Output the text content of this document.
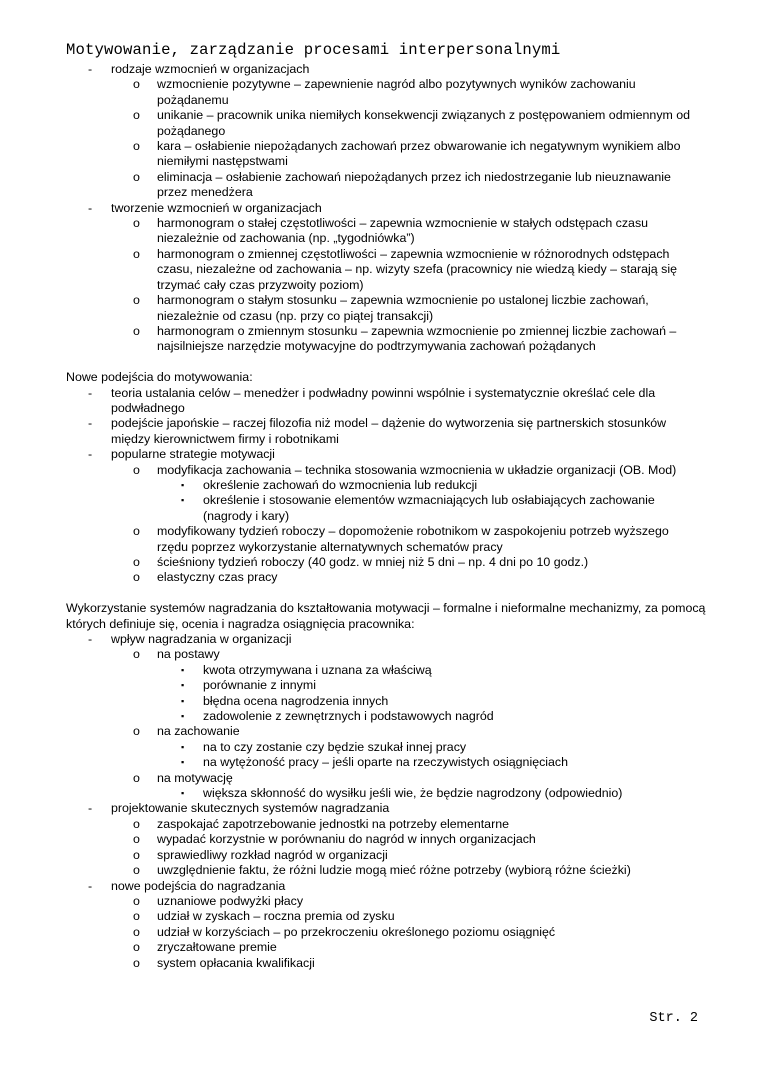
Motywowanie, zarządzanie procesami interpersonalnymi
- rodzaje wzmocnień w organizacjach
o wzmocnienie pozytywne – zapewnienie nagród albo pozytywnych wyników zachowaniu pożądanemu
o unikanie – pracownik unika niemiłych konsekwencji związanych z postępowaniem odmiennym od pożądanego
o kara – osłabienie niepożądanych zachowań przez obwarowanie ich negatywnym wynikiem albo niemiłymi następstwami
o eliminacja – osłabienie zachowań niepożądanych przez ich niedostrzeganie lub nieuznawanie przez menedżera
- tworzenie wzmocnień w organizacjach
o harmonogram o stałej częstotliwości – zapewnia wzmocnienie w stałych odstępach czasu niezależnie od zachowania (np. „tygodniówka”)
o harmonogram o zmiennej częstotliwości – zapewnia wzmocnienie w różnorodnych odstępach czasu, niezależne od zachowania – np. wizyty szefa (pracownicy nie wiedzą kiedy – starają się trzymać cały czas przyzwoity poziom)
o harmonogram o stałym stosunku – zapewnia wzmocnienie po ustalonej liczbie zachowań, niezależnie od czasu (np. przy co piątej transakcji)
o harmonogram o zmiennym stosunku – zapewnia wzmocnienie po zmiennej liczbie zachowań – najsilniejsze narzędzie motywacyjne do podtrzymywania zachowań pożądanych
Nowe podejścia do motywowania:
- teoria ustalania celów – menedżer i podwładny powinni wspólnie i systematycznie określać cele dla podwładnego
- podejście japońskie – raczej filozofia niż model – dążenie do wytworzenia się partnerskich stosunków między kierownictwem firmy i robotnikami
- popularne strategie motywacji
o modyfikacja zachowania – technika stosowania wzmocnienia w układzie organizacji (OB. Mod)
▪ określenie zachowań do wzmocnienia lub redukcji
▪ określenie i stosowanie elementów wzmacniających lub osłabiających zachowanie (nagrody i kary)
o modyfikowany tydzień roboczy – dopomożenie robotnikom w zaspokojeniu potrzeb wyższego rzędu poprzez wykorzystanie alternatywnych schematów pracy
o ścieśniony tydzień roboczy (40 godz. w mniej niż 5 dni – np. 4 dni po 10 godz.)
o elastyczny czas pracy
Wykorzystanie systemów nagradzania do kształtowania motywacji – formalne i nieformalne mechanizmy, za pomocą których definiuje się, ocenia i nagradza osiągnięcia pracownika:
- wpływ nagradzania w organizacji
o na postawy
▪ kwota otrzymywana i uznana za właściwą
▪ porównanie z innymi
▪ błędna ocena nagrodzenia innych
▪ zadowolenie z zewnętrznych i podstawowych nagród
o na zachowanie
▪ na to czy zostanie czy będzie szukał innej pracy
▪ na wytężoność pracy – jeśli oparte na rzeczywistych osiągnięciach
o na motywację
▪ większa skłonność do wysiłku jeśli wie, że będzie nagrodzony (odpowiednio)
- projektowanie skutecznych systemów nagradzania
o zaspokajać zapotrzebowanie jednostki na potrzeby elementarne
o wypadać korzystnie w porównaniu do nagród w innych organizacjach
o sprawiedliwy rozkład nagród w organizacji
o uwzględnienie faktu, że różni ludzie mogą mieć różne potrzeby (wybiorą różne ścieżki)
- nowe podejścia do nagradzania
o uznaniowe podwyżki płacy
o udział w zyskach – roczna premia od zysku
o udział w korzyściach – po przekroczeniu określonego poziomu osiągnięć
o zryczałtowane premie
o system opłacania kwalifikacji
Str. 2
